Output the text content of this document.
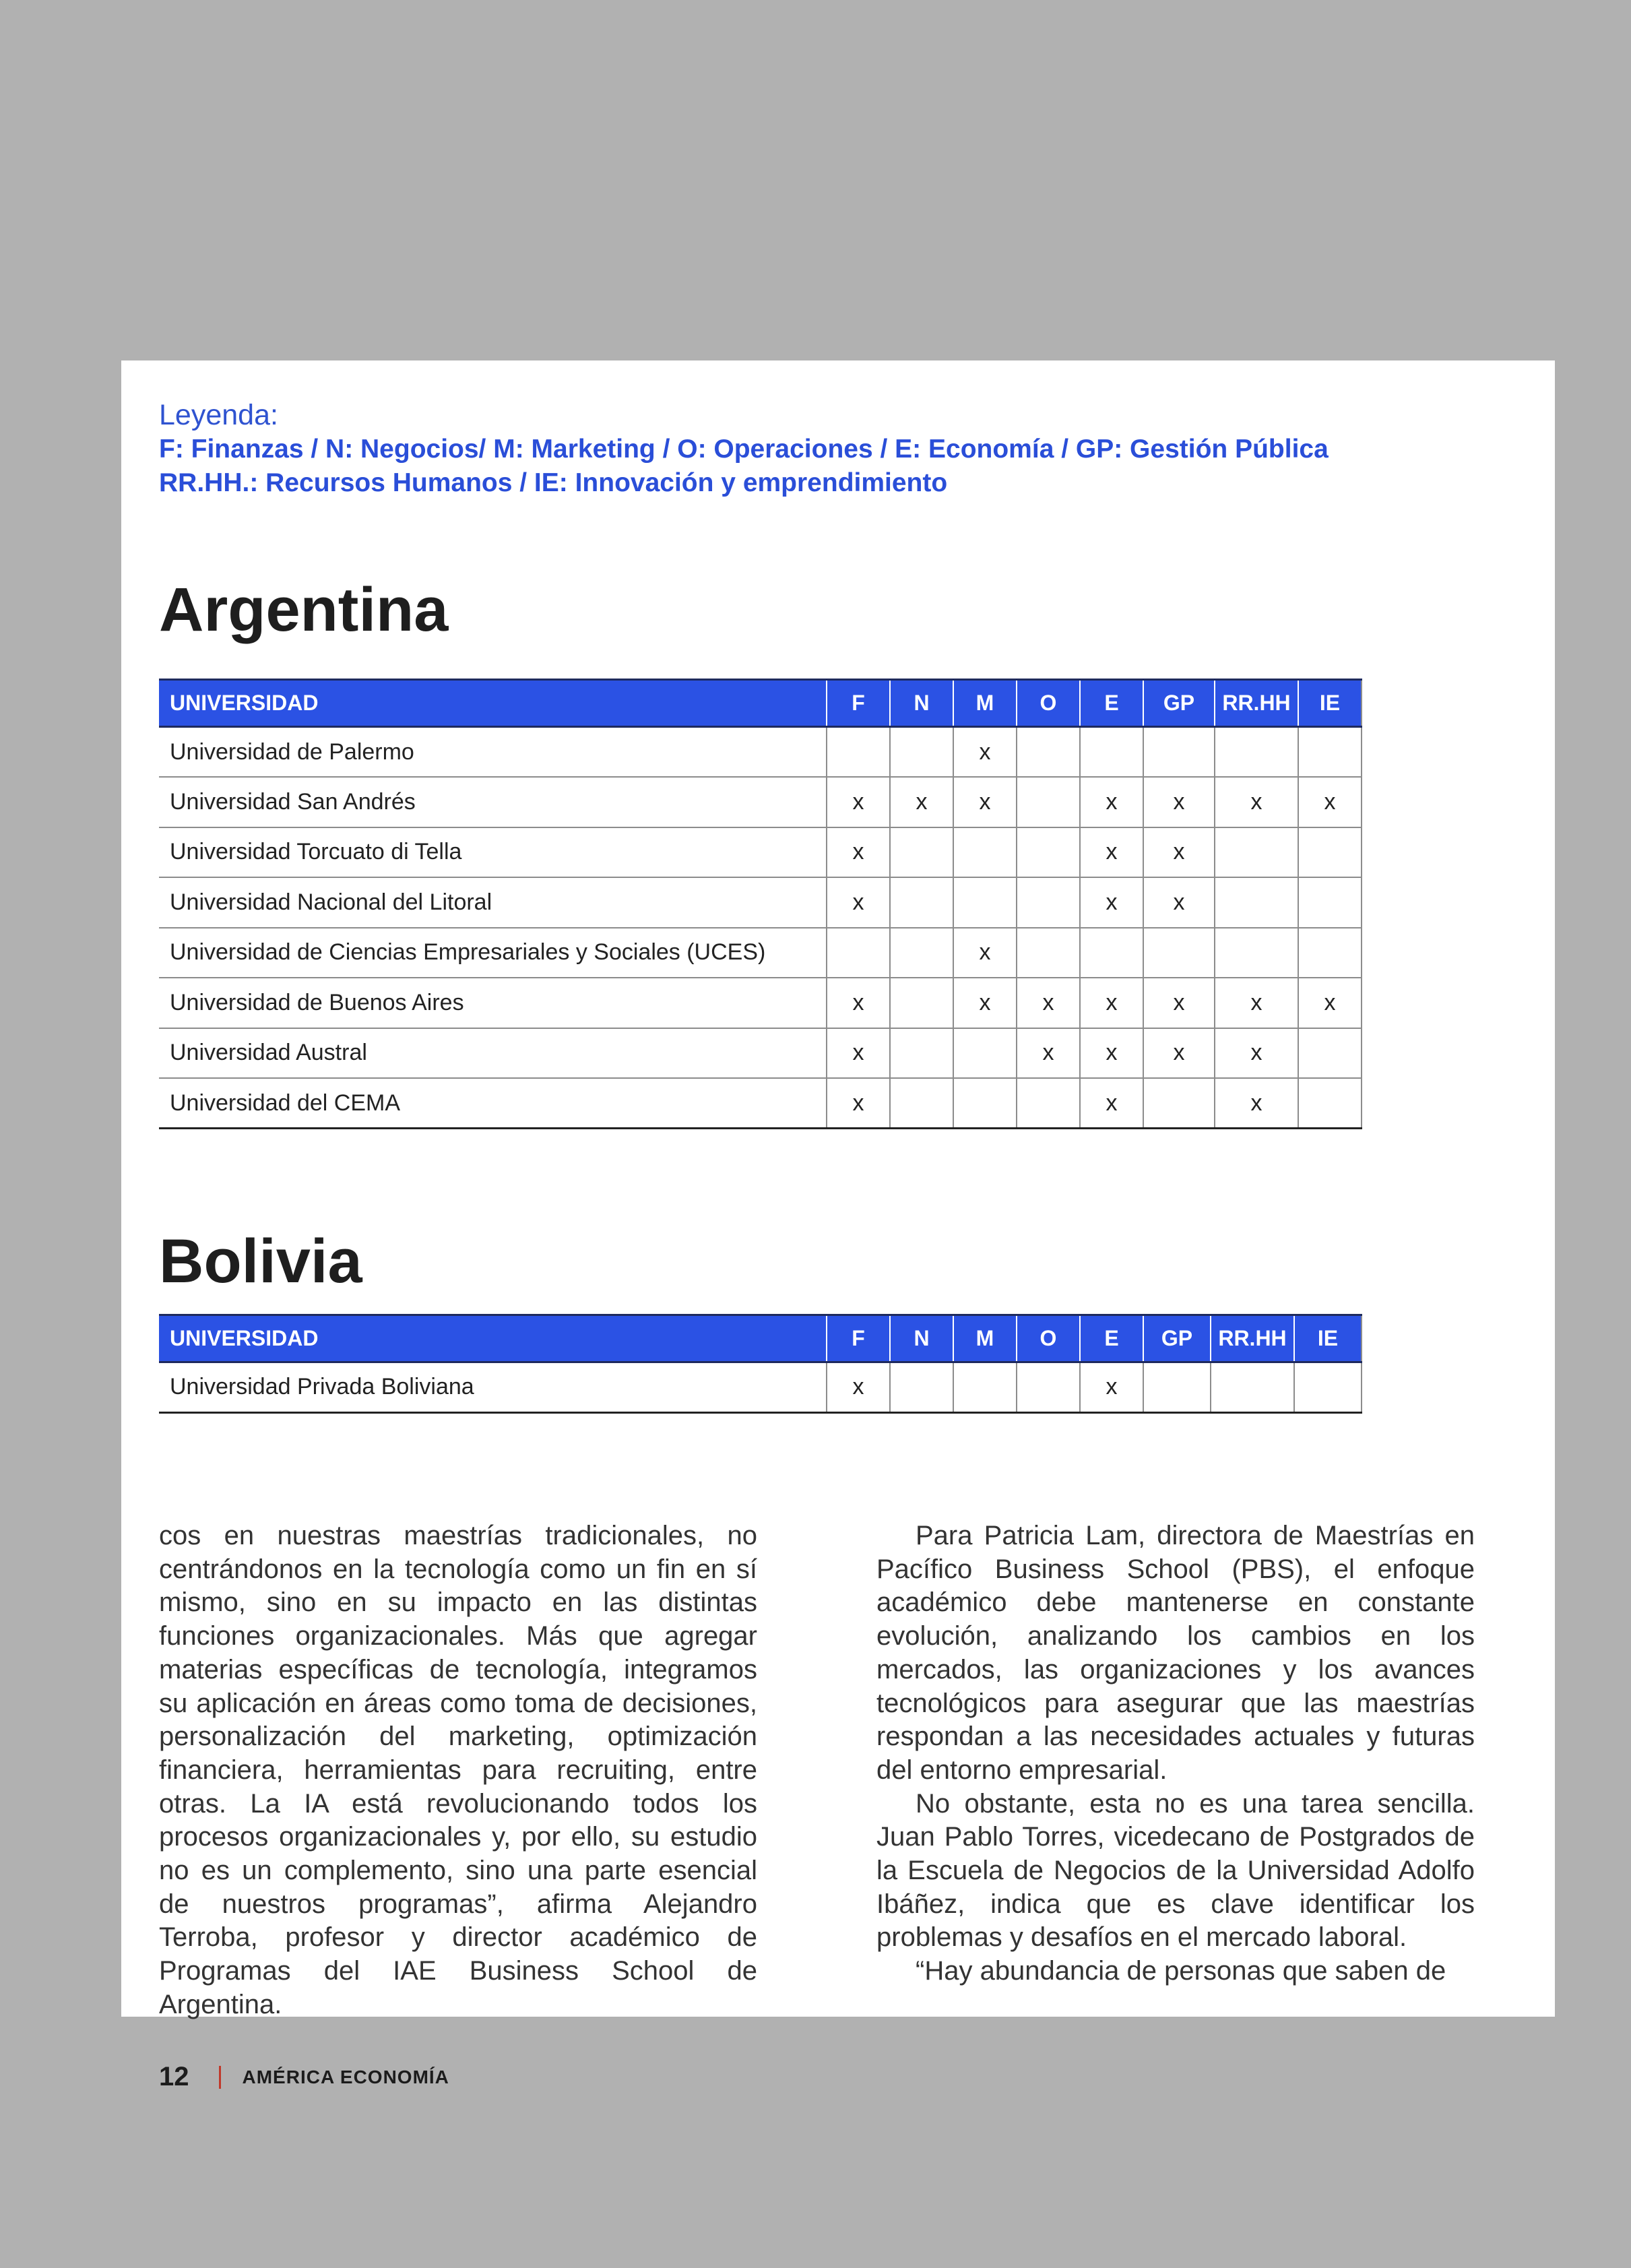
Leyenda:
F: Finanzas / N: Negocios/ M: Marketing / O: Operaciones / E: Economía / GP: Gestión Pública
RR.HH.: Recursos Humanos / IE: Innovación y emprendimiento
Argentina
UNIVERSIDAD	F	N	M	O	E	GP	RR.HH	IE
Universidad de Palermo			x					
Universidad San Andrés	x	x	x		x	x	x	x
Universidad Torcuato di Tella	x				x	x		
Universidad Nacional del Litoral	x				x	x		
Universidad de Ciencias Empresariales y Sociales (UCES)			x					
Universidad de Buenos Aires	x		x	x	x	x	x	x
Universidad Austral	x			x	x	x	x	
Universidad del CEMA	x				x		x	
Bolivia
UNIVERSIDAD	F	N	M	O	E	GP	RR.HH	IE
Universidad Privada Boliviana	x				x			

cos en nuestras maestrías tradicionales, no centrándonos en la tecnología como un fin en sí mismo, sino en su impacto en las distintas funciones organizacionales. Más que agregar materias específicas de tecnología, integramos su aplicación en áreas como toma de decisiones, personalización del marketing, optimización financiera, herramientas para recruiting, entre otras. La IA está revolucionando todos los procesos organizacionales y, por ello, su estudio no es un complemento, sino una parte esencial de nuestros programas”, afirma Alejandro Terroba, profesor y director académico de Programas del IAE Business School de Argentina.

Para Patricia Lam, directora de Maestrías en Pacífico Business School (PBS), el enfoque académico debe mantenerse en constante evolución, analizando los cambios en los mercados, las organizaciones y los avances tecnológicos para asegurar que las maestrías respondan a las necesidades actuales y futuras del entorno empresarial.

No obstante, esta no es una tarea sencilla. Juan Pablo Torres, vicedecano de Postgrados de la Escuela de Negocios de la Universidad Adolfo Ibáñez, indica que es clave identificar los problemas y desafíos en el mercado laboral.

“Hay abundancia de personas que saben de

12	AMÉRICA ECONOMÍA
